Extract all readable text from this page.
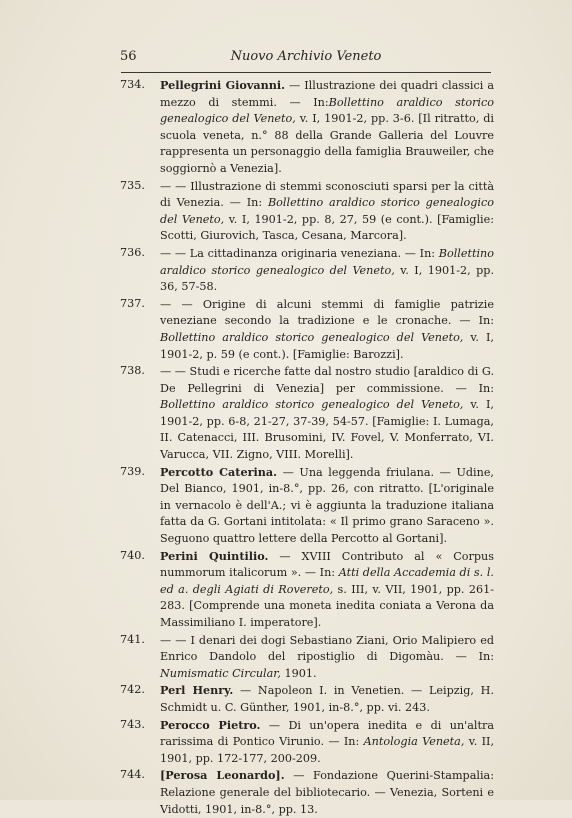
56	Nuovo Archivio Veneto
734. Pellegrini Giovanni. — Illustrazione dei quadri classici a mezzo di stemmi. — In:Bollettino araldico storico genealogico del Veneto, v. I, 1901-2, pp. 3-6. [Il ritratto, di scuola veneta, n.° 88 della Grande Galleria del Louvre rappresenta un personaggio della famiglia Brauweiler, che soggiornò a Venezia].
735. — — Illustrazione di stemmi sconosciuti sparsi per la città di Venezia. — In: Bollettino araldico storico genealogico del Veneto, v. I, 1901-2, pp. 8, 27, 59 (e cont.). [Famiglie: Scotti, Giurovich, Tasca, Cesana, Marcora].
736. — — La cittadinanza originaria veneziana. — In: Bollettino araldico storico genealogico del Veneto, v. I, 1901-2, pp. 36, 57-58.
737. — — Origine di alcuni stemmi di famiglie patrizie veneziane secondo la tradizione e le cronache. — In: Bollettino araldico storico genealogico del Veneto, v. I, 1901-2, p. 59 (e cont.). [Famiglie: Barozzi].
738. — — Studi e ricerche fatte dal nostro studio [araldico di G. De Pellegrini di Venezia] per commissione. — In: Bollettino araldico storico genealogico del Veneto, v. I, 1901-2, pp. 6-8, 21-27, 37-39, 54-57. [Famiglie: I. Lumaga, II. Catenacci, III. Brusomini, IV. Fovel, V. Monferrato, VI. Varucca, VII. Zigno, VIII. Morelli].
739. Percotto Caterina. — Una leggenda friulana. — Udine, Del Bianco, 1901, in-8.°, pp. 26, con ritratto. [L'originale in vernacolo è dell'A.; vi è aggiunta la traduzione italiana fatta da G. Gortani intitolata: « Il primo grano Saraceno ». Seguono quattro lettere della Percotto al Gortani].
740. Perini Quintilio. — XVIII Contributo al « Corpus nummorum italicorum ». — In: Atti della Accademia di s. l. ed a. degli Agiati di Rovereto, s. III, v. VII, 1901, pp. 261-283. [Comprende una moneta inedita coniata a Verona da Massimiliano I. imperatore].
741. — — I denari dei dogi Sebastiano Ziani, Orio Malipiero ed Enrico Dandolo del ripostiglio di Digomàu. — In: Numismatic Circular, 1901.
742. Perl Henry. — Napoleon I. in Venetien. — Leipzig, H. Schmidt u. C. Günther, 1901, in-8.°, pp. vi. 243.
743. Perocco Pietro. — Di un'opera inedita e di un'altra rarissima di Pontico Virunio. — In: Antologia Veneta, v. II, 1901, pp. 172-177, 200-209.
744. [Perosa Leonardo]. — Fondazione Querini-Stampalia: Relazione generale del bibliotecario. — Venezia, Sorteni e Vidotti, 1901, in-8.°, pp. 13.
